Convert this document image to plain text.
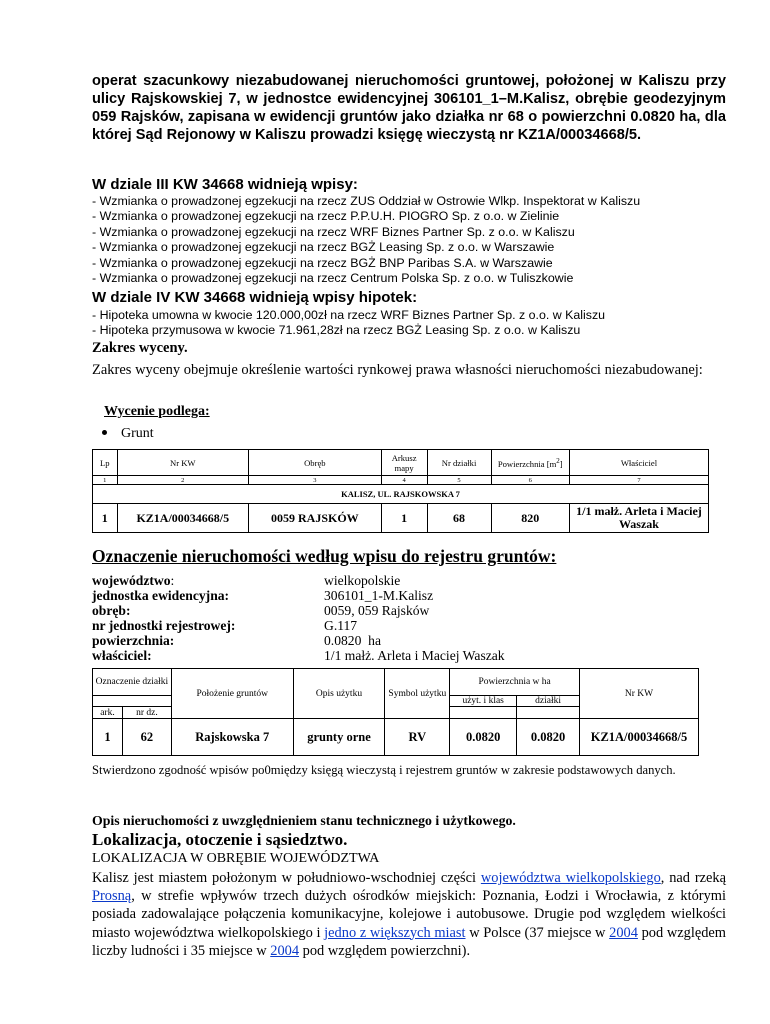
operat szacunkowy niezabudowanej nieruchomości gruntowej, położonej w Kaliszu przy ulicy Rajskowskiej 7, w jednostce ewidencyjnej 306101_1–M.Kalisz, obrębie geodezyjnym 059 Rajsków, zapisana w ewidencji gruntów jako działka nr 68 o powierzchni 0.0820 ha, dla której Sąd Rejonowy w Kaliszu prowadzi księgę wieczystą nr KZ1A/00034668/5.
W dziale III KW 34668 widnieją wpisy:
- Wzmianka o prowadzonej egzekucji na rzecz ZUS Oddział w Ostrowie Wlkp. Inspektorat w Kaliszu
- Wzmianka o prowadzonej egzekucji na rzecz P.P.U.H. PIOGRO Sp. z o.o. w Zielinie
- Wzmianka o prowadzonej egzekucji na rzecz WRF Biznes Partner Sp. z o.o. w Kaliszu
- Wzmianka o prowadzonej egzekucji na rzecz BGŻ Leasing Sp. z o.o. w Warszawie
- Wzmianka o prowadzonej egzekucji na rzecz BGŻ BNP Paribas S.A. w Warszawie
- Wzmianka o prowadzonej egzekucji na rzecz Centrum Polska Sp. z o.o. w Tuliszkowie
W dziale IV KW 34668 widnieją wpisy hipotek:
- Hipoteka umowna w kwocie 120.000,00zł na rzecz WRF Biznes Partner Sp. z o.o. w Kaliszu
- Hipoteka przymusowa w kwocie 71.961,28zł na rzecz BGŻ Leasing Sp. z o.o. w Kaliszu
Zakres wyceny.
Zakres wyceny obejmuje określenie wartości rynkowej prawa własności nieruchomości niezabudowanej:
Wycenie podlega:
Grunt
Lp	Nr KW	Obręb	Arkusz mapy	Nr działki	Powierzchnia $[m^2]$	Właściciel
1	2	3	4	5	6	7
KALISZ, UL. RAJSKOWSKA 7						
1	KZ1A/00034668/5	0059 RAJSKÓW	1	68	820	1/1 małż. Arleta i Maciej Waszak
Oznaczenie nieruchomości według wpisu do rejestru gruntów:
województwo:	wielkopolskie
jednostka ewidencyjna:	306101_1-M.Kalisz
obręb:	0059, 059 Rajsków
nr jednostki rejestrowej:	G.117
powierzchnia:	0.0820  ha
właściciel:	1/1 małż. Arleta i Maciej Waszak
Oznaczenie działki		Położenie gruntów	Opis użytku	Symbol użytku	Powierzchnia w ha		Nr KW
					użyt. i klas	działki	
ark.	nr dz.						
1	62	Rajskowska 7	grunty orne	RV	0.0820	0.0820	KZ1A/00034668/5
Stwierdzono zgodność wpisów po0między księgą wieczystą i rejestrem gruntów w zakresie podstawowych danych.
Opis nieruchomości z uwzględnieniem stanu technicznego i użytkowego.
Lokalizacja, otoczenie i sąsiedztwo.
LOKALIZACJA W OBRĘBIE WOJEWÓDZTWA
Kalisz jest miastem położonym w południowo-wschodniej części województwa wielkopolskiego, nad rzeką Prosną, w strefie wpływów trzech dużych ośrodków miejskich: Poznania, Łodzi i Wrocławia, z którymi posiada zadowalające połączenia komunikacyjne, kolejowe i autobusowe. Drugie pod względem wielkości miasto województwa wielkopolskiego i jedno z większych miast w Polsce (37 miejsce w 2004 pod względem liczby ludności i 35 miejsce w 2004 pod względem powierzchni).
